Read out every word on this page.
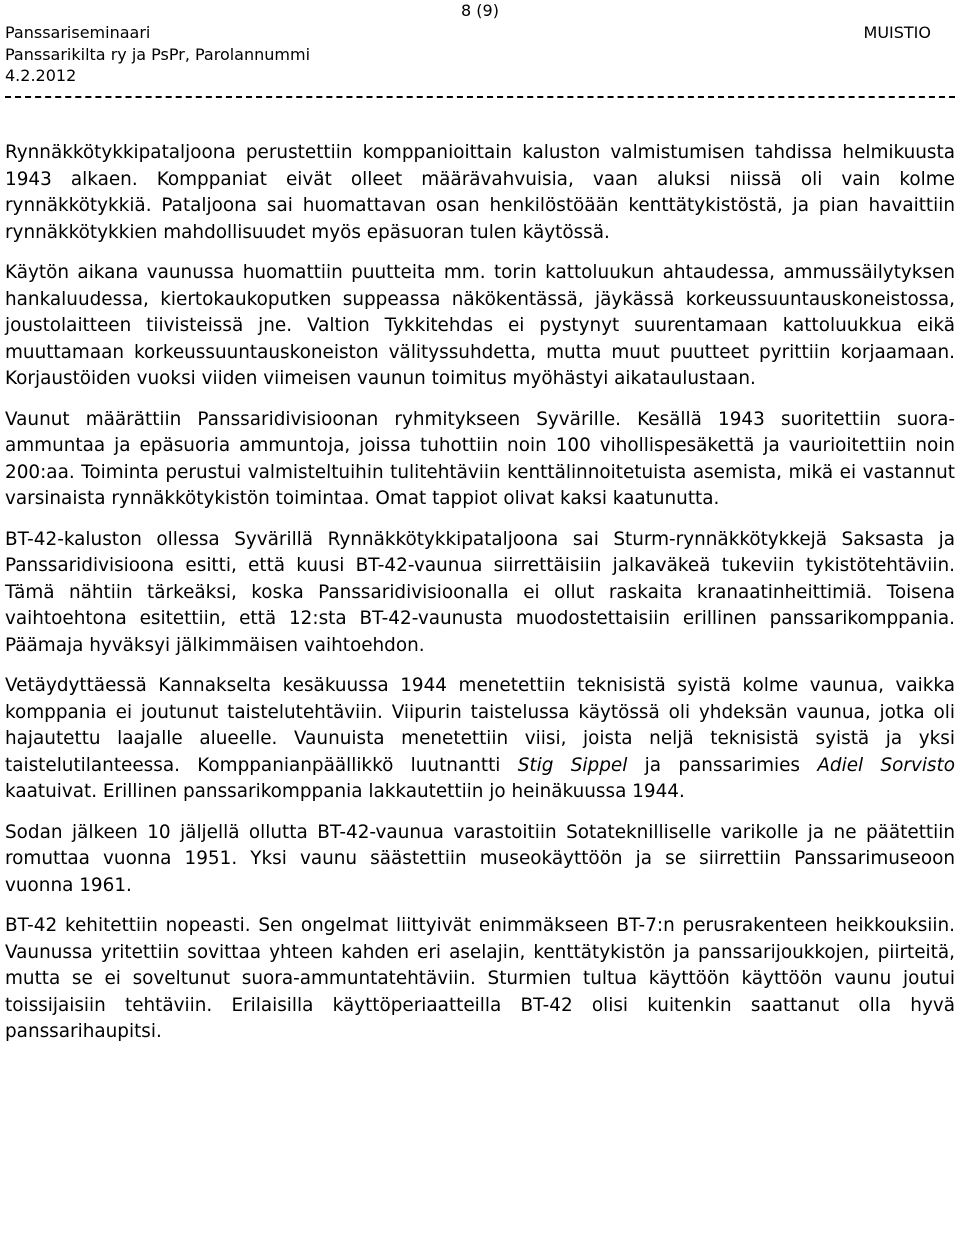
8 (9)
Panssariseminaari
Panssarikilta ry ja PsPr, Parolannummi
4.2.2012
MUISTIO

Rynnäkkötykkipataljoona perustettiin komppanioittain kaluston valmistumisen tahdissa helmikuusta 1943 alkaen. Komppaniat eivät olleet määrävahvuisia, vaan aluksi niissä oli vain kolme rynnäkkötykkiä. Pataljoona sai huomattavan osan henkilöstöään kenttätykistöstä, ja pian havaittiin rynnäkkötykkien mahdollisuudet myös epäsuoran tulen käytössä.

Käytön aikana vaunussa huomattiin puutteita mm. torin kattoluukun ahtaudessa, ammussäilytyksen hankaluudessa, kiertokaukoputken suppeassa näkökentässä, jäykässä korkeussuuntauskoneistossa, joustolaitteen tiivisteissä jne. Valtion Tykkitehdas ei pystynyt suurentamaan kattoluukkua eikä muuttamaan korkeussuuntauskoneiston välityssuhdetta, mutta muut puutteet pyrittiin korjaamaan. Korjaustöiden vuoksi viiden viimeisen vaunun toimitus myöhästyi aikataulustaan.

Vaunut määrättiin Panssaridivisioonan ryhmitykseen Syvärille. Kesällä 1943 suoritettiin suora-ammuntaa ja epäsuoria ammuntoja, joissa tuhottiin noin 100 vihollispesäkettä ja vaurioitettiin noin 200:aa. Toiminta perustui valmisteltuihin tulitehtäviin kenttälinnoitetuista asemista, mikä ei vastannut varsinaista rynnäkkötykistön toimintaa. Omat tappiot olivat kaksi kaatunutta.

BT-42-kaluston ollessa Syvärillä Rynnäkkötykkipataljoona sai Sturm-rynnäkkötykkejä Saksasta ja Panssaridivisioona esitti, että kuusi BT-42-vaunua siirrettäisiin jalkaväkeä tukeviin tykistötehtäviin. Tämä nähtiin tärkeäksi, koska Panssaridivisioonalla ei ollut raskaita kranaatinheittimiä. Toisena vaihtoehtona esitettiin, että 12:sta BT-42-vaunusta muodostettaisiin erillinen panssarikomppania. Päämaja hyväksyi jälkimmäisen vaihtoehdon.

Vetäydyttäessä Kannakselta kesäkuussa 1944 menetettiin teknisistä syistä kolme vaunua, vaikka komppania ei joutunut taistelutehtäviin. Viipurin taistelussa käytössä oli yhdeksän vaunua, jotka oli hajautettu laajalle alueelle. Vaunuista menetettiin viisi, joista neljä teknisistä syistä ja yksi taistelutilanteessa. Komppanianpäällikkö luutnantti Stig Sippel ja panssarimies Adiel Sorvisto kaatuivat. Erillinen panssarikomppania lakkautettiin jo heinäkuussa 1944.

Sodan jälkeen 10 jäljellä ollutta BT-42-vaunua varastoitiin Sotateknilliselle varikolle ja ne päätettiin romuttaa vuonna 1951. Yksi vaunu säästettiin museokäyttöön ja se siirrettiin Panssarimuseoon vuonna 1961.

BT-42 kehitettiin nopeasti. Sen ongelmat liittyivät enimmäkseen BT-7:n perusrakenteen heikkouksiin. Vaunussa yritettiin sovittaa yhteen kahden eri aselajin, kenttätykistön ja panssarijoukkojen, piirteitä, mutta se ei soveltunut suora-ammuntatehtäviin. Sturmien tultua käyttöön käyttöön vaunu joutui toissijaisiin tehtäviin. Erilaisilla käyttöperiaatteilla BT-42 olisi kuitenkin saattanut olla hyvä panssarihaupitsi.
